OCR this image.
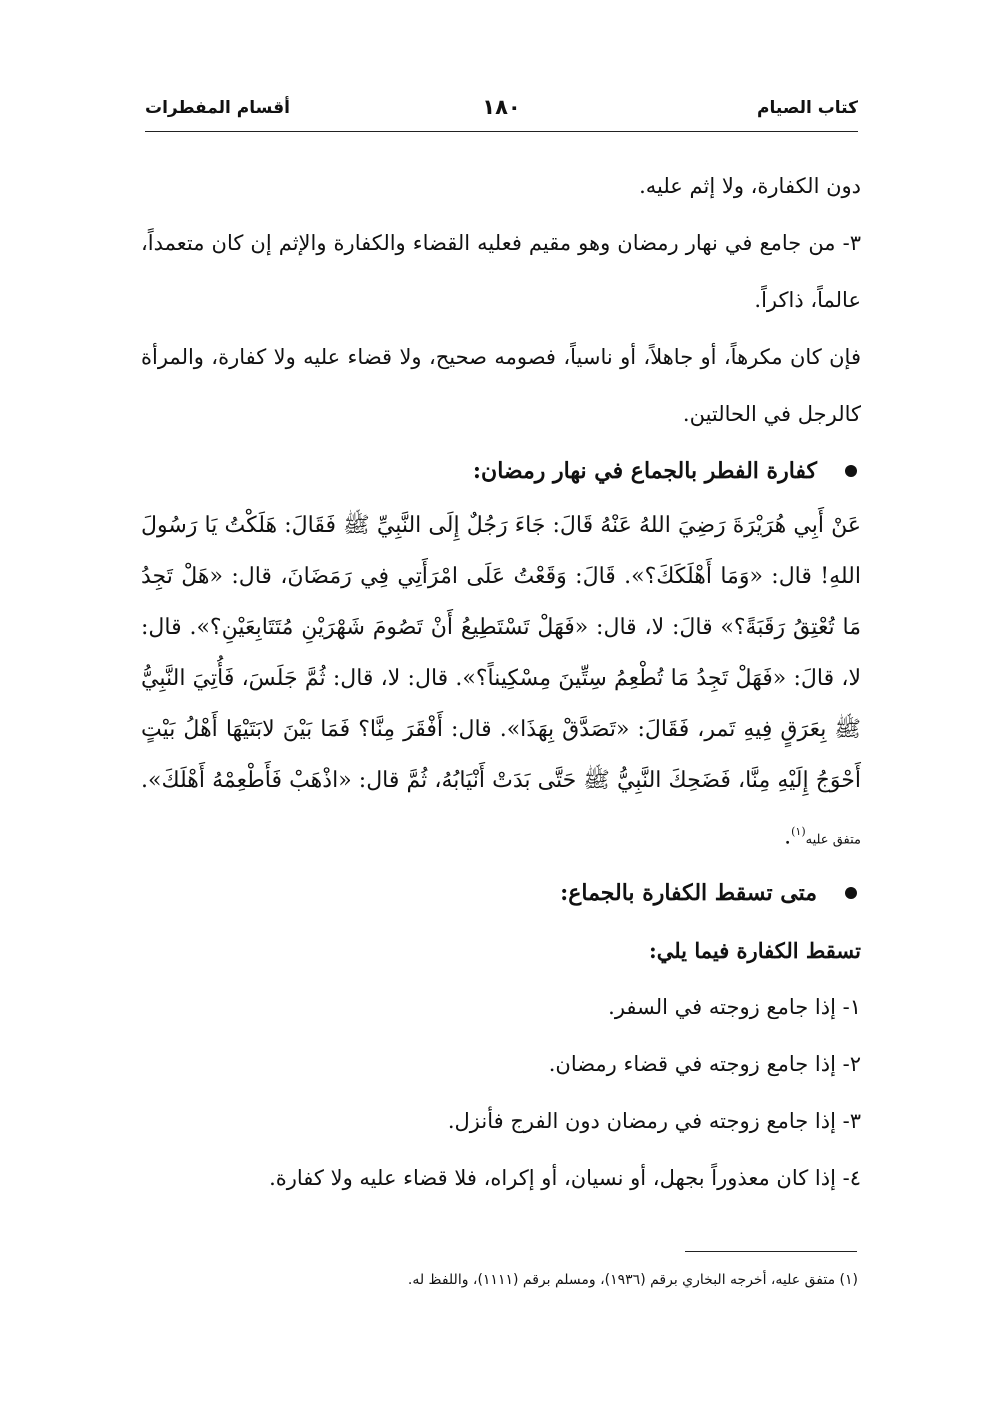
كتاب الصيام
١٨٠
أقسام المفطرات

دون الكفارة، ولا إثم عليه.

٣- من جامع في نهار رمضان وهو مقيم فعليه القضاء والكفارة والإثم إن كان متعمداً، عالماً، ذاكراً.

فإن كان مكرهاً، أو جاهلاً، أو ناسياً، فصومه صحيح، ولا قضاء عليه ولا كفارة، والمرأة كالرجل في الحالتين.

كفارة الفطر بالجماع في نهار رمضان:

عَنْ أَبِي هُرَيْرَةَ رَضِيَ اللهُ عَنْهُ قَالَ: جَاءَ رَجُلٌ إِلَى النَّبِيِّ ﷺ فَقَالَ: هَلَكْتُ يَا رَسُولَ اللهِ! قال: «وَمَا أَهْلَكَكَ؟». قَالَ: وَقَعْتُ عَلَى امْرَأَتِي فِي رَمَضَانَ، قال: «هَلْ تَجِدُ مَا تُعْتِقُ رَقَبَةً؟» قالَ: لا، قال: «فَهَلْ تَسْتَطِيعُ أَنْ تَصُومَ شَهْرَيْنِ مُتَتَابِعَيْنِ؟». قال: لا، قالَ: «فَهَلْ تَجِدُ مَا تُطْعِمُ سِتِّينَ مِسْكِيناً؟». قال: لا، قال: ثُمَّ جَلَسَ، فَأُتِيَ النَّبِيُّ ﷺ بِعَرَقٍ فِيهِ تَمر، فَقَالَ: «تَصَدَّقْ بِهَذَا». قال: أَفْقَرَ مِنَّا؟ فَمَا بَيْنَ لابَتَيْهَا أَهْلُ بَيْتٍ أَحْوَجُ إِلَيْهِ مِنَّا، فَضَحِكَ النَّبِيُّ ﷺ حَتَّى بَدَتْ أَنْيَابُهُ، ثُمَّ قال: «اذْهَبْ فَأَطْعِمْهُ أَهْلَكَ». متفق عليه$^{(١)}$.

متى تسقط الكفارة بالجماع:

تسقط الكفارة فيما يلي:

١- إذا جامع زوجته في السفر.

٢- إذا جامع زوجته في قضاء رمضان.

٣- إذا جامع زوجته في رمضان دون الفرج فأنزل.

٤- إذا كان معذوراً بجهل، أو نسيان، أو إكراه، فلا قضاء عليه ولا كفارة.

(١) متفق عليه، أخرجه البخاري برقم (١٩٣٦)، ومسلم برقم (١١١١)، واللفظ له.
